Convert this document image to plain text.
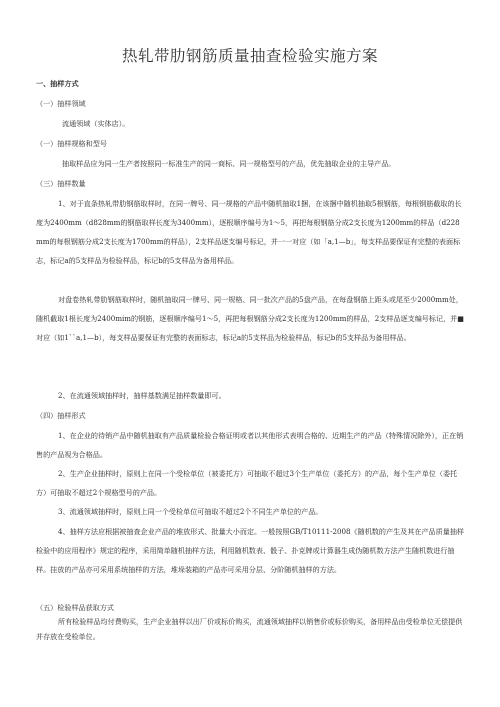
热轧带肋钢筋质量抽查检验实施方案

一、抽样方式

（一）抽样领域

流通领域（实体店）。

（一）抽样规格和型号

抽取样品应为同一生产者按照同一标准生产的同一商标、同一规格型号的产品，优先抽取企业的主导产品。

（三）抽样数量

1、对于直条热轧带肋钢筋取样时，在同一牌号、同一规格的产品中随机抽取1捆，在该捆中随机抽取5根钢筋，每根钢筋截取的长度为2400mm（d828mm的钢筋取样长度为3400mm），逐根顺序编号为1～5，再把每根钢筋分成2支长度为1200mm的样品（d228mm的每根钢筋分成2支长度为1700mm的样品），2支样品逐支编号标记，并一一对应（如「a,1—b」，每支样品要保证有完整的表面标志，标记a的5支样品为检验样品，标记b的5支样品为备用样品。

对盘卷热轧带肋钢筋取样时，随机抽取同一牌号、同一规格、同一批次产品的5盘产品，在每盘钢筋上距头或尾至少2000mm处，随机截取1根长度为2400mim的钢筋，逐根顺序编号1～5，再把每根钢筋分成2支长度为1200mm的样品，2支样品逐支编号标记，并■对应（如1``a,1—b），每支样品要保证有完整的表面标志，标记a的5支样品为检验样品，标记b的5支样品为备用样品。

2、在流通领域抽样时，抽样基数满足抽样数量即可。

（四）抽样形式

1、在企业的待销产品中随机抽取有产品质量检验合格证明或者以其他形式表明合格的、近期生产的产品（特殊情况除外），正在销售的产品视为合格品。

2、生产企业抽样时，原则上在同一个受检单位（被委托方）可抽取不超过3个生产单位（委托方）的产品，每个生产单位（委托方）可抽取不超过2个规格型号的产品。

3、流通领域抽样时，原则上同一个受检单位可抽取不超过2个不同生产单位的产品。

4、抽样方法应根据被抽查企业产品的堆放形式、批量大小而定。一般按照GB/T10111-2008《随机数的产生及其在产品质量抽样检验中的应用程序》规定的程序，采用简单随机抽样方法，利用随机数表、骰子、扑克牌或计算器生成伪随机数方法产生随机数进行抽样。挂放的产品亦可采用系统抽样的方法，堆垛装箱的产品亦可采用分层、分阶随机抽样的方法。

（五）检验样品获取方式

所有检验样品均付费购买，生产企业抽样以出厂价或标价购买，流通领域抽样以销售价或标价购买，备用样品由受检单位无偿提供并存放在受检单位。
